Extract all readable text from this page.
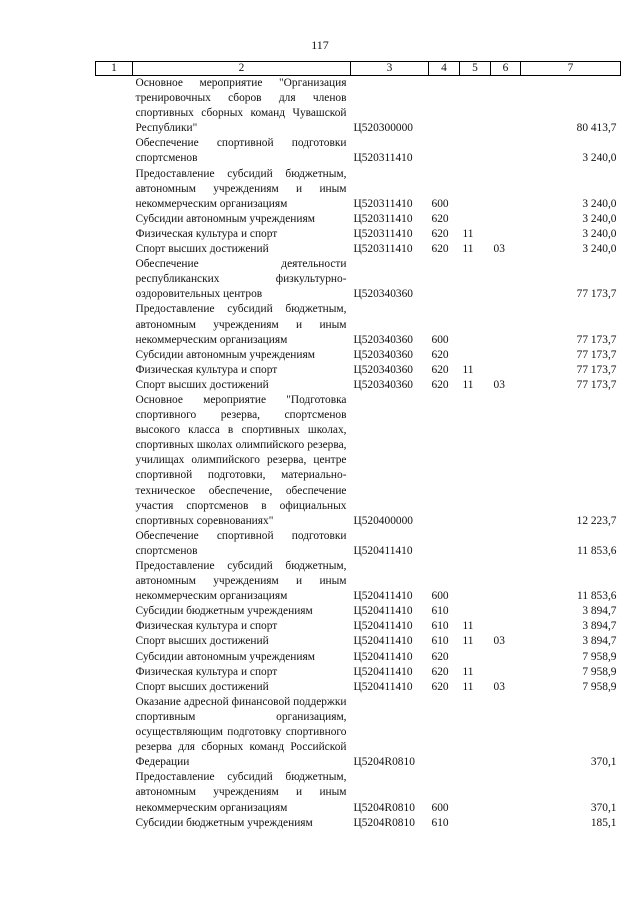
117
1	2	3	4	5	6	7
	Основное мероприятие "Организация тренировочных сборов для членов спортивных сборных команд Чувашской Республики"	Ц520300000				80 413,7
	Обеспечение спортивной подготовки спортсменов	Ц520311410				3 240,0
	Предоставление субсидий бюджетным, автономным учреждениям и иным некоммерческим организациям	Ц520311410	600			3 240,0
	Субсидии автономным учреждениям	Ц520311410	620			3 240,0
	Физическая культура и спорт	Ц520311410	620	11		3 240,0
	Спорт высших достижений	Ц520311410	620	11	03	3 240,0
	Обеспечение деятельности республиканских физкультурно-оздоровительных центров	Ц520340360				77 173,7
	Предоставление субсидий бюджетным, автономным учреждениям и иным некоммерческим организациям	Ц520340360	600			77 173,7
	Субсидии автономным учреждениям	Ц520340360	620			77 173,7
	Физическая культура и спорт	Ц520340360	620	11		77 173,7
	Спорт высших достижений	Ц520340360	620	11	03	77 173,7
	Основное мероприятие "Подготовка спортивного резерва, спортсменов высокого класса в спортивных школах, спортивных школах олимпийского резерва, училищах олимпийского резерва, центре спортивной подготовки, материально-техническое обеспечение, обеспечение участия спортсменов в официальных спортивных соревнованиях"	Ц520400000				12 223,7
	Обеспечение спортивной подготовки спортсменов	Ц520411410				11 853,6
	Предоставление субсидий бюджетным, автономным учреждениям и иным некоммерческим организациям	Ц520411410	600			11 853,6
	Субсидии бюджетным учреждениям	Ц520411410	610			3 894,7
	Физическая культура и спорт	Ц520411410	610	11		3 894,7
	Спорт высших достижений	Ц520411410	610	11	03	3 894,7
	Субсидии автономным учреждениям	Ц520411410	620			7 958,9
	Физическая культура и спорт	Ц520411410	620	11		7 958,9
	Спорт высших достижений	Ц520411410	620	11	03	7 958,9
	Оказание адресной финансовой поддержки спортивным организациям, осуществляющим подготовку спортивного резерва для сборных команд Российской Федерации	Ц5204R0810				370,1
	Предоставление субсидий бюджетным, автономным учреждениям и иным некоммерческим организациям	Ц5204R0810	600			370,1
	Субсидии бюджетным учреждениям	Ц5204R0810	610			185,1
